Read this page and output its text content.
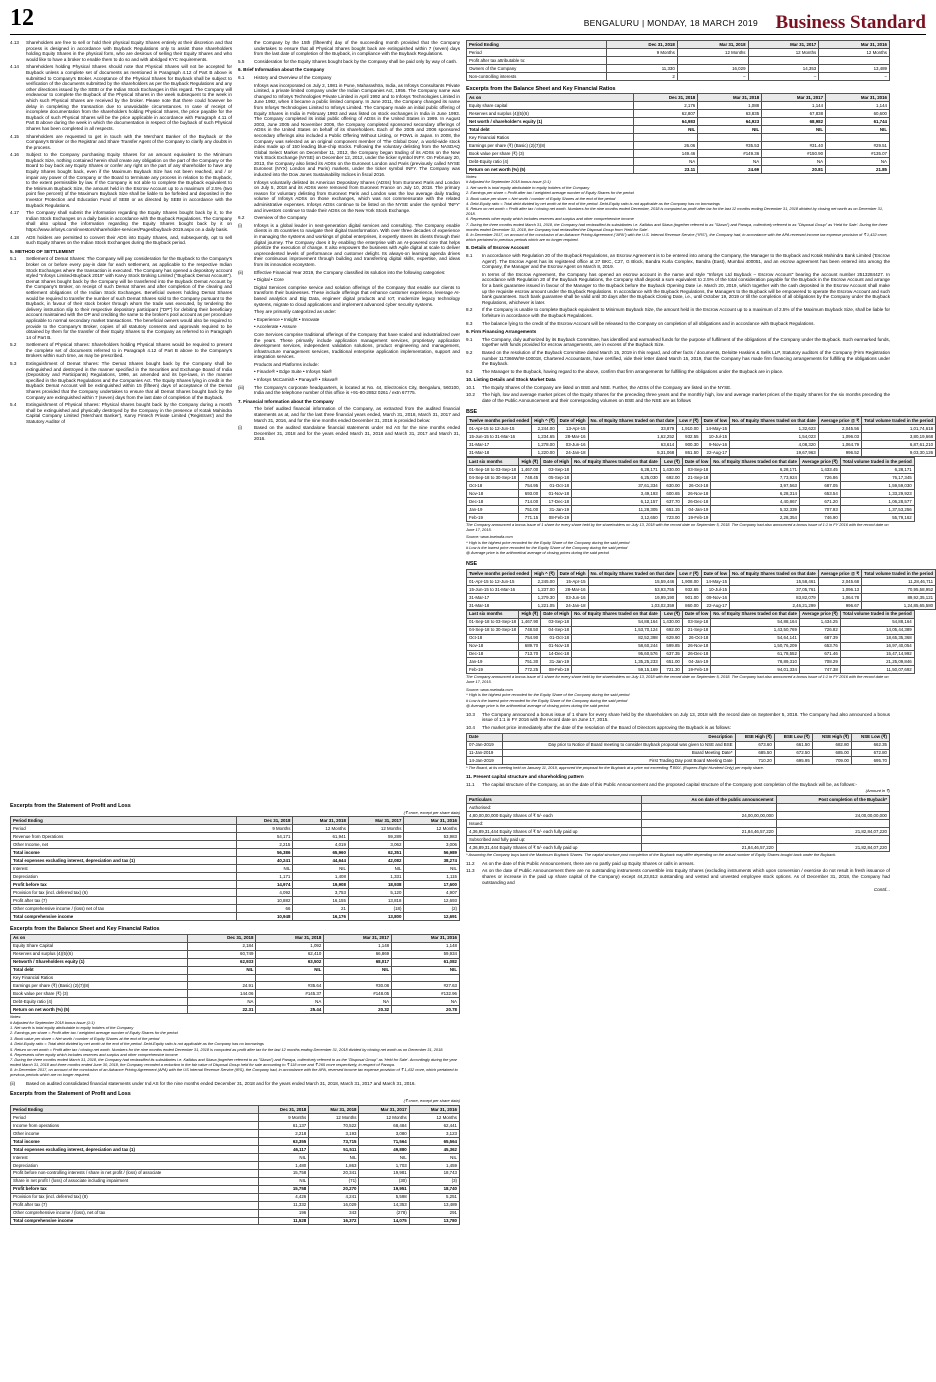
12	BENGALURU | MONDAY, 18 MARCH 2019 Business Standard
4.13	Shareholders are free to sell or hold their physical Equity Shares entirely at their discretion and that process is designed in accordance with Buyback Regulations only to assist those shareholders holding Equity Shares in the physical form, who are desirous of selling their Equity Shares and who would like to have a broker to enable them to do so and with abridged KYC requirements.
4.14	Shareholders holding Physical Shares should note that Physical Shares will not be accepted for Buyback unless a complete set of documents as mentioned in Paragraph 4.12 of Part B above is submitted to Company's Broker. Acceptance of the Physical Shares for Buyback shall be subject to verification of the documents submitted by the shareholders as per the Buyback Regulations and any other directions issued by the SEBI or the Indian Stock Exchanges in this regard. The Company will endeavour to complete the Buyback of the Physical Shares in the week subsequent to the week in which such Physical Shares are received by the broker. Please note that there could however be delay in completing the transaction due to unavoidable circumstances. In case of receipt of incomplete documentation from the shareholders holding Physical Shares, the price payable for the Buyback of such Physical Shares will be the price applicable in accordance with Paragraph 4.11 of Part B above during the week in which the documentation in respect of the buyback of such Physical Shares has been completed in all respects.
4.15	Shareholders are requested to get in touch with the Merchant Banker of the Buyback or the Company's Broker or the Registrar and Share Transfer Agent of the Company to clarify any doubts in the process.
4.16	Subject to the Company purchasing Equity Shares for an amount equivalent to the Minimum Buyback Size, nothing contained herein shall create any obligation on the part of the Company or the Board to buy back any Equity Shares or confer any right on the part of any shareholder to have any Equity Shares bought back, even if the Maximum Buyback Size has not been reached, and / or impair any power of the Company or the Board to terminate any process in relation to the Buyback, to the extent permissible by law. If the Company is not able to complete the Buyback equivalent to the Minimum Buyback Size, the amount held in the Escrow Account up to a maximum of 2.5% (two point five percent) of the Maximum Buyback Size shall be liable to be forfeited and deposited in the Investor Protection and Education Fund of SEBI or as directed by SEBI in accordance with the Buyback Regulations.
4.17	The Company shall submit the information regarding the Equity Shares bought back by it, to the Indian Stock Exchanges on a daily basis in accordance with the Buyback Regulations. The Company shall also upload the information regarding the Equity Shares bought back by it on https://www.infosys.com/investors/shareholder-services/Pages/buyback-2019.aspx on a daily basis.
4.18	ADS holders are permitted to convert their ADS into Equity Shares, and, subsequently, opt to sell such Equity Shares on the Indian Stock Exchanges during the Buyback period.
5. METHOD OF SETTLEMENT
5.1	Settlement of Demat Shares: The Company will pay consideration for the Buyback to the Company's broker on or before every pay-in date for each settlement, as applicable to the respective Indian Stock Exchanges where the transaction is executed. The Company has opened a depository account styled "Infosys Limited-Buyback 2019" with Karvy Stock Broking Limited ("Buyback Demat Account"). Demat Shares bought back by the Company will be transferred into the Buyback Demat Account by the Company's Broker, on receipt of such Demat Shares and after completion of the clearing and settlement obligations of the Indian Stock Exchanges. Beneficial owners holding Demat Shares would be required to transfer the number of such Demat Shares sold to the Company pursuant to the Buyback, in favour of their stock broker through whom the trade was executed, by tendering the delivery instruction slip to their respective depository participant ("DP") for debiting their beneficiary account maintained with the DP and crediting the same to the broker's pool account as per procedure applicable to normal secondary market transactions. The beneficial owners would also be required to provide to the Company's Broker, copies of all statutory consents and approvals required to be obtained by them for the transfer of their Equity Shares to the Company as referred to in Paragraph 14 of Part B.
5.2	Settlement of Physical Shares: Shareholders holding Physical Shares would be required to present the complete set of documents referred to in Paragraph 4.12 of Part B above to the Company's Brokers within such time, as may be prescribed.
5.3	Extinguishment of Demat Shares: The Demat Shares bought back by the Company shall be extinguished and destroyed in the manner specified in the Securities and Exchange Board of India (Depository and Participants) Regulations, 1996, as amended and its bye-laws, in the manner specified in the Buyback Regulations and the Companies Act. The Equity Shares lying in credit in the Buyback Demat Account will be extinguished within 15 (fifteen) days of acceptance of the Demat Shares provided that the Company undertakes to ensure that all Demat Shares bought back by the Company are extinguished within 7 (seven) days from the last date of completion of the Buyback.
5.4	Extinguishment of Physical Shares: Physical shares bought back by the Company during a month shall be extinguished and physically destroyed by the Company in the presence of Kotak Mahindra Capital Company Limited ('Merchant Banker'), Karvy Fintech Private Limited ('Registrars') and the Statutory Auditor of
the Company by the 15th (fifteenth) day of the succeeding month provided that the Company undertakes to ensure that all Physical Shares bought back are extinguished within 7 (seven) days from the last date of completion of the Buyback, in compliance with the Buyback Regulations.
5.5	Consideration for the Equity Shares bought back by the Company shall be paid only by way of cash.
6. Brief Information about the Company
6.1	History and Overview of the Company
Infosys was incorporated on July 2, 1981 in Pune, Maharashtra, India, as Infosys Consultants Private Limited, a private limited company under the Indian Companies Act, 1956. The Company name was changed to Infosys Technologies Private Limited in April 1992 and to Infosys Technologies Limited in June 1992, when it became a public limited company. In June 2011, the Company changed its name from Infosys Technologies Limited to Infosys Limited. The Company made an initial public offering of Equity Shares in India in February 1993 and was listed on stock exchanges in India in June 1993. The Company completed its initial public offering of ADSs in the United States in 1999. In August 2003, June 2005 and November 2006, the Company completed sponsored secondary offerings of ADSs in the United States on behalf of its shareholders. Each of the 2005 and 2006 sponsored secondary offerings also included a Public Offering Without Listing, or POWL in Japan. In 2008, the Company was selected as an original component member of 'The Global Dow', a world-wide stock index made up of 150 leading blue-chip stocks. Following the voluntary delisting from the NASDAQ Global Select Market on December 11, 2012, the Company began trading of its ADSs on the New York Stock Exchange (NYSE) on December 12, 2012, under the ticker symbol INFY. On February 20, 2013, the Company also listed its ADSs on the Euronext London and Paris (previously called NYSE Euronext (NYX) London and Paris) markets, under the ticker symbol INFY. The Company was inducted into the Dow Jones Sustainability Indices in fiscal 2016.
Infosys voluntarily delisted its American Depositary Shares (ADSs) from Euronext Paris and London on July 5, 2018 and its ADSs were removed from Euronext France on July 10, 2018. The primary reason for voluntary delisting from Euronext Paris and London was the low average daily trading volume of Infosys ADSs on those exchanges, which was not commensurate with the related administrative expenses. Infosys ADSs continue to be listed on the NYSE under the symbol 'INFY' and investors continue to trade their ADSs on the New York Stock Exchange.
6.2	Overview of the Company
(i)	Infosys is a global leader in next-generation digital services and consulting. The Company enable clients in 45 countries to navigate their digital transformation. With over three decades of experience in managing the systems and workings of global enterprises, it expertly steers its clients through their digital journey. The Company does it by enabling the enterprise with an AI-powered core that helps prioritize the execution of change. It also empowers the business with Agile digital at scale to deliver unprecedented levels of performance and customer delight. Its always-on learning agenda drives their continuous improvement through building and transferring digital skills, expertise, and ideas from its innovation ecosystem.
(ii)	Effective Financial Year 2019, the Company classified its solution into the following categories:
• Digital • Core
Digital Services comprise service and solution offerings of the Company that enable our clients to transform their businesses. These include offerings that enhance customer experience, leverage AI-based analytics and Big Data, engineer digital products and IoT, modernize legacy technology systems, migrate to cloud applications and implement advanced cyber security systems.
They are primarily categorized as under:
• Experience • Insight • Innovate
• Accelerate • Assure
Core Services comprise traditional offerings of the Company that have scaled and industrialized over the years. These primarily include application management services, proprietary application development services, independent validation solutions, product engineering and management, infrastructure management services, traditional enterprise application implementation, support and integration services.
Products and Platforms include:
• Finacle® • Edge Suite • Infosys Nia®
• Infosys McCamish • Panaya® • Skava®
(iii)	The Company's corporate headquarters, is located at No. 44, Electronics City, Bengaluru, 560100, India and the telephone number of this office is +91-80-2852 0261 / extn 67775.
7. Financial Information about the Company
The brief audited financial information of the Company, as extracted from the audited financial statements as at, and for the last three financial years ended, March 31, 2018, March 31, 2017 and March 31, 2016, and for the nine months ended December 31, 2018 is provided below:
(i)	Based on the audited standalone financial statements under Ind AS for the nine months ended December 31, 2018 and for the years ended March 31, 2018 and March 31, 2017 and March 31, 2016.
Excerpts from the Statement of Profit and Loss
(₹ crore, except per share data)
Period Ending	Dec 31, 2018	Mar 31, 2018	Mar 31, 2017	Mar 31, 2016
Period	9 Months	12 Months	12 Months	12 Months
Revenue from Operations	54,171	61,941	59,289	53,983
Other Income, net	2,215	4,019	3,062	3,006
Total income	56,386	65,960	62,351	56,989
Total expenses excluding interest, depreciation and tax (1)	40,241	44,644	42,082	38,274
Interest	NIL	NIL	NIL	NIL
Depreciation	1,171	1,408	1,331	1,115
Profit before tax	14,974	19,908	18,938	17,600
Provision for tax (incl. deferred tax) (6)	4,092	3,753	5,120	4,907
Profit after tax (7)	10,882	16,155	13,818	12,693
Other comprehensive income / (loss) net of tax	66	21	(18)	(2)
Total comprehensive income	10,948	16,176	13,800	12,691
Excerpts from the Balance Sheet and Key Financial Ratios
As on	Dec 31, 2018	Mar 31, 2018	Mar 31, 2017	Mar 31, 2016
Equity Share Capital	2,184	1,092	1,148	1,148
Reserves and surplus (4)(5)(6)	60,749	62,410	66,869	59,934
Networth / Shareholders equity (1)	62,933	63,502	68,017	61,082
Total debt	NIL	NIL	NIL	NIL
Key Financial Ratios				
Earnings per share (₹) (Basic) (2)(7)(8)	24.91	#35.64	#30.08	#27.63
Book value per share (₹) (3)	144.06	#145.37	#148.05	#132.96
Debt-Equity ratio (4)	NA	NA	NA	NA
Return on net worth (%) (5)	22.31	25.44	20.32	20.78
Notes:
# Adjusted for September 2018 bonus issue (1:1)
1. Net worth is total equity attributable to equity holders of the Company
2. Earnings per share = Profit after tax / weighted average number of Equity Shares for the period
3. Book value per share = Net worth / number of Equity Shares at the end of the period
4. Debt-Equity ratio = Total debt divided by net worth at the end of the period. Debt-Equity ratio is not applicable as the Company has no borrowings
5. Return on net worth = Profit after tax / closing net worth. Numbers for the nine months ended December 31, 2018 is computed as profit after tax for the last 12 months ending December 31, 2018 divided by closing net worth as on December 31, 2018.
6. Represents other equity which includes reserves and surplus and other comprehensive income
7. During the three months ended March 31, 2018, the Company had reclassified its subsidiaries i.e. Kallidus and Skava (together referred to as "Skava") and Panaya, collectively referred to as the "Disposal Group" as 'Held for Sale'. Accordingly during the year ended March 31, 2018 and three months ended June 30, 2018, the Company recorded a reduction in the fair value of Disposal Group held for sale amounting to ₹ 118 crore and ₹ 265 crore respectively, in respect of Panaya.
8. In December 2017, on account of the conclusion of an Advance Pricing Agreement (APA) with the US Internal Revenue Service (IRS), the Company had, in accordance with the APA, reversed income tax expense provision of ₹ 1,432 crore, which pertained to previous periods which are no longer required.
(ii)	Based on audited consolidated financial statements under Ind AS for the nine months ended December 31, 2018 and for the years ended March 31, 2018, March 31, 2017 and March 31, 2016.
Excerpts from the Statement of Profit and Loss
(₹ crore, except per share data)
Period Ending	Dec 31, 2018	Mar 31, 2018	Mar 31, 2017	Mar 31, 2016
Period	9 Months	12 Months	12 Months	12 Months
Income from operations	61,137	70,522	68,484	62,441
Other income	2,218	3,193	3,080	3,123
Total income	63,355	73,715	71,564	65,564
Total expenses excluding interest, depreciation and tax (1)	46,117	51,511	49,880	45,362
Interest	NIL	NIL	NIL	NIL
Depreciation	1,480	1,863	1,703	1,459
Profit before non-controlling interests / share in net profit / (loss) of associate	15,758	20,341	19,981	18,743
Share in net profit / (loss) of associate including impairment	NIL	(71)	(30)	(3)
Profit before tax	15,758	20,270	19,951	18,740
Provision for tax (incl. deferred tax) (8)	4,426	4,241	5,598	5,251
Profit after tax (7)	11,332	16,029	14,353	13,489
Other comprehensive income / (loss), net of tax	196	343	(278)	291
Total comprehensive income	11,528	16,372	14,075	13,780
Period Ending	Dec 31, 2018	Mar 31, 2018	Mar 31, 2017	Mar 31, 2016
Period	9 Months	12 Months	12 Months	12 Months
Profit after tax attributable to:				
Owners of the Company	11,330	16,029	14,353	13,489
Non-controlling interests	2	–	–	–
Excerpts from the Balance Sheet and Key Financial Ratios
As on	Dec 31, 2018	Mar 31, 2018	Mar 31, 2017	Mar 31, 2016
Equity share capital	2,176	1,088	1,144	1,144
Reserves and surplus (4)(5)(6)	62,807	63,835	67,838	60,600
Net worth / shareholder's equity (1)	64,983	64,923	68,982	61,744
Total debt	NIL	NIL	NIL	NIL
Key Financial Ratios				
Earnings per share (₹) (Basic) (2)(7)(8)	26.06	#35.53	#31.40	#29.51
Book value per share (₹) (3)	149.46	#149.36	#150.90	#135.07
Debt-Equity ratio (4)	NA	NA	NA	NA
Return on net worth (%) (5)	23.11	24.69	20.81	21.85
Notes:
# Adjusted for September 2018 bonus issue (1:1)
1. Net worth is total equity attributable to equity holders of the Company
2. Earnings per share = Profit after tax / weighted average number of Equity Shares for the period
3. Book value per share = Net worth / number of Equity Shares at the end of the period
4. Debt-Equity ratio = Total debt divided by net worth at the end of the period. Debt-Equity ratio is not applicable as the Company has no borrowings
5. Return on net worth = Profit after tax / closing net worth. Numbers for the nine months ended December, 2018 is computed as profit after tax for the last 12 months ending December 31, 2018 divided by closing net worth as on December 31, 2018.
6. Represents other equity which includes reserves and surplus and other comprehensive income
7. During the three months ended March 31, 2018, the Company had reclassified its subsidiaries i.e. Kallidus and Skava (together referred to as "Skava") and Panaya, collectively referred to as "Disposal Group" as 'Held for Sale'. During the three months ended December 31, 2018, the Company had reclassified the Disposal Group from 'Held for Sale'.
8. In December 2017, on account of the conclusion of an Advance Pricing Agreement ("APA") with the U.S. Internal Revenue Service ("IRS"), the Company had, in accordance with the APA reversed income tax expense provision of ₹ 1,432 crore, which pertained to previous periods which are no longer required.
8. Details of Escrow Account
8.1	In accordance with Regulation 20 of the Buyback Regulations, an Escrow Agreement is to be entered into among the Company, the Manager to the Buyback and Kotak Mahindra Bank Limited ('Escrow Agent'). The Escrow Agent has its registered office at 27 BKC, C27, G Block, Bandra Kurla Complex, Bandra (East), Mumbai 400051, and an escrow agreement has been entered into among the Company, the Manager and the Escrow Agent on March 8, 2019.
In terms of the Escrow Agreement, the Company has opened an escrow account in the name and style "Infosys Ltd Buyback – Escrow Account" bearing the account number 2513284427. In accordance with Regulation 20 of the Buyback Regulations, the Company shall deposit a sum equivalent to 2.5% of the total consideration payable for the Buyback in the Escrow Account and arrange for a bank guarantee issued in favour of the Manager to the Buyback before the Buyback Opening Date i.e. March 20, 2019, which together with the cash deposited in the Escrow Account shall make up the requisite escrow amount under the Buyback Regulations. In accordance with the Buyback Regulations, the Managers to the Buyback will be empowered to operate the Escrow Account and such bank guarantees. Such bank guarantee shall be valid until 30 days after the Buyback Closing Date, i.e., until October 19, 2019 or till the completion of all obligations by the Company under the Buyback Regulations, whichever is later.
8.2	If the Company is unable to complete Buyback equivalent to Minimum Buyback Size, the amount held in the Escrow Account up to a maximum of 2.5% of the Maximum Buyback Size, shall be liable for forfeiture in accordance with the Buyback Regulations.
8.3	The balance lying to the credit of the Escrow Account will be released to the Company on completion of all obligations and in accordance with Buyback Regulations.
9. Firm Financing Arrangements
9.1	The Company, duly authorized by its Buyback Committee, has identified and earmarked funds for the purpose of fulfilment of the obligations of the Company under the Buyback. Such earmarked funds, together with funds provided for escrow arrangements, are in excess of the Buyback Size.
9.2	Based on the resolution of the Buyback Committee dated March 15, 2019 in this regard, and other facts / documents, Deloitte Haskins & Sells LLP, Statutory auditors of the Company (Firm Registration number 117366W/W-100018, Chartered Accountants, have certified, vide their letter dated March 15, 2019, that the Company has made firm financing arrangements for fulfilling the obligations under the Buyback.
9.3	The Manager to the Buyback, having regard to the above, confirm that firm arrangements for fulfilling the obligations under the Buyback are in place.
10. Listing Details and Stock Market Data
10.1	The Equity Shares of the Company are listed on BSE and NSE. Further, the ADSs of the Company are listed on the NYSE.
10.2	The high, low and average market prices of the Equity Shares for the preceding three years and the monthly high, low and average market prices of the Equity Shares for the six months preceding the date of the Public Announcement and their corresponding volumes on BSE and the NSE are as follows
BSE
Twelve months period ended	High ^ (₹)	Date of High	No. of Equity Shares traded on that date	Low # (₹)	Date of low	No. of Equity Shares traded on that date	Average price @ ₹	Total volume traded in the period
01-Apr-15 to 12-Jun-15	2,244.00	13-Apr-15	33,879	1,910.00	14-May-15	1,32,623	2,045.56	1,01,74,618
15-Jun-15 to 31-Mar-16	1,234.65	28-Mar-16	1,62,252	932.55	10-Jul-15	1,54,023	1,096.03	3,80,19,668
31-Mar-17	1,278.00	03-Jun-16	63,614	900.30	9-Nov-16	4,08,320	1,064.79	6,87,61,210
31-Mar-18	1,220.00	24-Jan-18	5,31,068	861.50	22-Aug-17	19,67,963	996.52	9,03,30,126
Last six months	High (₹)	Date of High	No. of Equity Shares traded on that date	Low (₹)	Date of low	No. of Equity Shares traded on that date	Average price (₹)	Total volume traded in the period
01-Sep-18 to 03-Sep-18	1,467.00	03-Sep-18	6,28,171	1,430.00	03-Sep-18	6,28,171	1,433.45	6,28,171
04-Sep-18 to 30-Sep-18	748.45	05-Sep-18	6,25,030	692.00	21-Sep-18	7,73,924	726.86	76,17,345
Oct-18	754.95	01-Oct-18	37,61,334	630.00	26-Oct-18	3,97,563	687.05	1,59,59,030
Nov-18	693.00	01-Nov-18	3,49,193	600.65	26-Nov-18	6,28,314	653.54	1,33,29,923
Dec-18	714.00	17-Dec-18	6,12,157	637.70	26-Dec-18	4,40,867	671.20	1,06,28,577
Jan-19	751.00	31-Jan-19	11,28,305	651.15	04-Jan-19	5,32,339	707.93	1,37,53,256
Feb-19	771.15	08-Feb-19	3,12,650	723.00	19-Feb-19	2,28,354	746.90	55,79,162
The Company announced a bonus issue of 1 share for every share held by the shareholders on July 13, 2018 with the record date on September 5, 2018. The Company had also announced a bonus issue of 1:1 in FY 2016 with the record date on June 17, 2015.
Source: www.bseindia.com
^ High is the highest price recorded for the Equity Share of the Company during the said period
# Low is the lowest price recorded for the Equity Share of the Company during the said period
@ Average price is the arithmetical average of closing prices during the said period
NSE
Twelve months period ended	High ^ (₹)	Date of High	No. of Equity Shares traded on that date	Low # (₹)	Date of low	No. of Equity Shares traded on that date	Average price @ ₹	Total volume traded in the period
01-Apr-15 to 12-Jun-15	2,245.00	15-Apr-15	15,59,446	1,908.00	14-May-15	15,58,461	2,045.68	11,28,46,711
15-Jun-15 to 31-Mar-16	1,237.00	28-Mar-16	53,93,755	932.65	10-Jul-15	37,05,761	1,096.13	70,95,58,952
31-Mar-17	1,279.30	03-Jun-16	19,99,190	901.00	09-Nov-16	83,82,079	1,064.78	89,92,35,121
31-Mar-18	1,221.05	24-Jan-18	1,03,02,359	860.00	22-Aug-17	2,46,21,299	996.67	1,24,85,65,580
Last six months	High (₹)	Date of High	No. of Equity Shares traded on that date	Low (₹)	Date of low	No. of Equity Shares traded on that date	Average price (₹)	Total volume traded in the period
01-Sep-18 to 03-Sep-18	1,467.90	03-Sep-18	54,88,164	1,430.00	03-Sep-18	54,88,164	1,434.25	54,88,164
04-Sep-18 to 30-Sep-18	748.50	04-Sep-18	1,53,70,124	692.00	21-Sep-18	1,43,50,769	726.82	14,05,44,389
Oct-18	754.90	01-Oct-18	82,52,398	629.90	26-Oct-18	54,64,141	687.39	18,65,35,368
Nov-18	689.70	01-Nov-18	58,60,244	599.85	26-Nov-18	1,50,76,209	653.76	16,97,40,054
Dec-18	713.70	14-Dec-18	95,60,576	637.35	26-Dec-18	61,78,552	671.46	15,47,14,992
Jan-19	751.30	31-Jan-19	1,35,25,233	651.00	04-Jan-19	78,89,310	708.29	21,25,09,846
Feb-19	772.25	08-Feb-19	59,15,169	721.30	19-Feb-19	94,01,334	747.38	11,50,07,692
The Company announced a bonus issue of 1 share for every share held by the shareholders on July 13, 2018 with the record date on September 5, 2018. The Company had also announced a bonus issue of 1:1 in FY 2016 with the record date on June 17, 2015.
Source: www.nseindia.com
^ High is the highest price recorded for the Equity Share of the Company during the said period
# Low is the lowest price recorded for the Equity Share of the Company during the said period
@ Average price is the arithmetical average of closing prices during the said period
10.3	The Company announced a bonus issue of 1 share for every share held by the shareholders on July 13, 2018 with the record date on September 5, 2018. The Company had also announced a bonus issue of 1:1 in FY 2016 with the record date on June 17, 2015.
10.4	The market price immediately after the date of the resolution of the Board of Directors approving the Buyback is as follows:
Date	Description	BSE High (₹)	BSE Low (₹)	NSE High (₹)	NSE Low (₹)
07-Jan-2019	Day prior to Notice of Board meeting to consider Buyback proposal was given to NSE and BSE	673.60	661.50	682.80	662.35
11-Jan-2019	Board Meeting Date*	685.50	672.50	685.00	672.80
14-Jan-2019	First Trading Day post Board Meeting Date	710.20	695.95	709.00	695.70
* The Board, at its meeting held on January 11, 2019, approved the proposal for the Buyback at a price not exceeding ₹ 800/- (Rupees Eight Hundred Only) per equity share.
11. Present capital structure and shareholding pattern
11.1	The capital structure of the Company, as on the date of this Public Announcement and the proposed capital structure of the Company post completion of the Buyback will be, as follows:-
(Amount in ₹)
Particulars	As on date of the public announcement	Post completion of the Buyback*
Authorised:		
4,80,00,00,000 Equity Shares of ₹ 5/- each	24,00,00,00,000	24,00,00,00,000
Issued:		
4,36,89,31,444 Equity Shares of ₹ 5/- each fully paid up	21,84,46,57,220	21,82,84,07,220
Subscribed and fully paid up:		
4,36,89,31,444 Equity Shares of ₹ 5/- each fully paid up	21,84,46,57,220	21,82,84,07,220
* Assuming the Company buys back the Maximum Buyback Shares. The capital structure post completion of the Buyback may differ depending on the actual number of Equity Shares bought back under the Buyback.
11.2	As on the date of this Public Announcement, there are no partly paid up Equity Shares or calls in arrears.
11.3	As on the date of Public Announcement there are no outstanding instruments convertible into Equity Shares (excluding instruments which upon conversion / exercise do not result in fresh issuance of shares or increase in the paid up share capital of the Company) except 44,23,812 outstanding and vested and unvested employee stock options. As of December 31, 2018, the Company had outstanding and
Contd...
